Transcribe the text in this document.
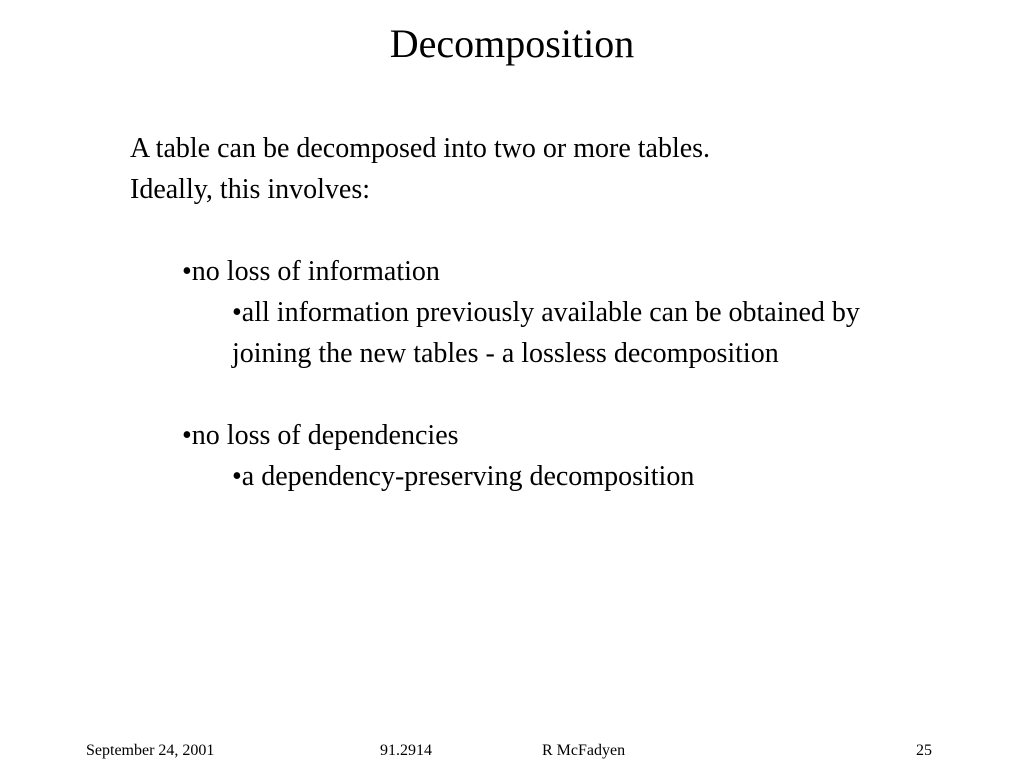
Decomposition
A table can be decomposed into two or more tables.
Ideally, this involves:
•no loss of information
•all information previously available can be obtained by joining the new tables - a lossless decomposition
•no loss of dependencies
•a dependency-preserving decomposition
September 24, 2001	91.2914	R McFadyen	25
